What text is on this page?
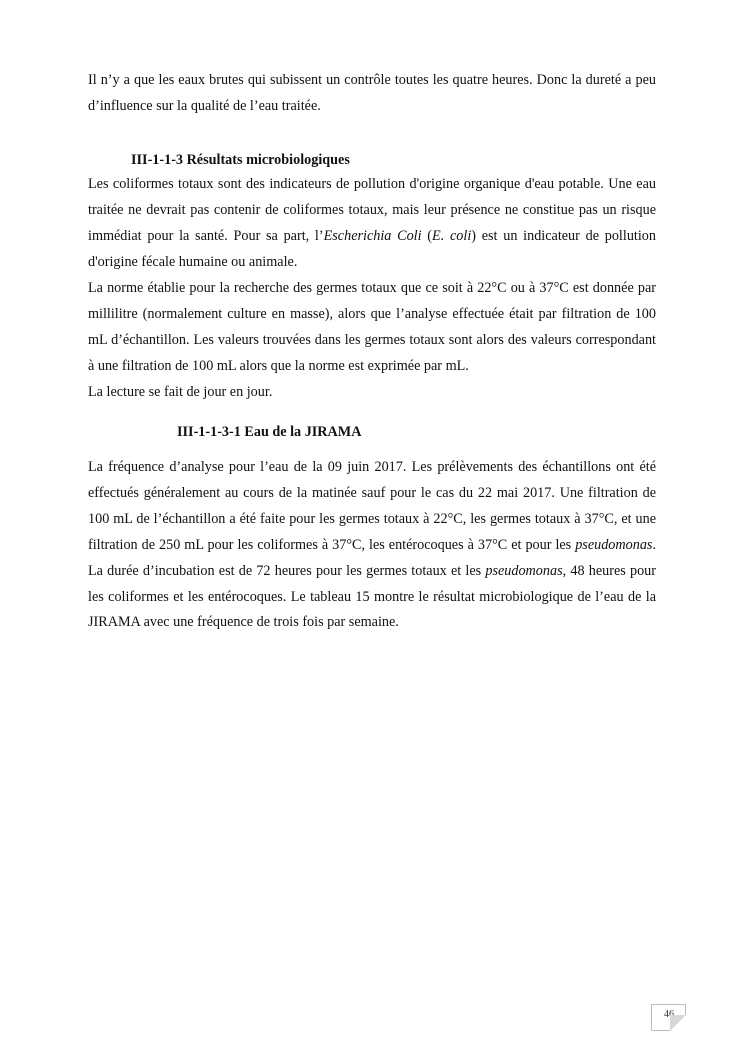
Il n’y a que les eaux brutes qui subissent un contrôle toutes les quatre heures. Donc la dureté a peu d’influence sur la qualité de l’eau traitée.

III-1-1-3 Résultats microbiologiques

Les coliformes totaux sont des indicateurs de pollution d'origine organique d'eau potable. Une eau traitée ne devrait pas contenir de coliformes totaux, mais leur présence ne constitue pas un risque immédiat pour la santé. Pour sa part, l’Escherichia Coli (E. coli) est un indicateur de pollution d'origine fécale humaine ou animale.

La norme établie pour la recherche des germes totaux que ce soit à 22°C ou à 37°C est donnée par millilitre (normalement culture en masse), alors que l’analyse effectuée était par filtration de 100 mL d’échantillon. Les valeurs trouvées dans les germes totaux sont alors des valeurs correspondant à une filtration de 100 mL alors que la norme est exprimée par mL.

La lecture se fait de jour en jour.

III-1-1-3-1 Eau de la JIRAMA

La fréquence d’analyse pour l’eau de la 09 juin 2017. Les prélèvements des échantillons ont été effectués généralement au cours de la matinée sauf pour le cas du 22 mai 2017. Une filtration de 100 mL de l’échantillon a été faite pour les germes totaux à 22°C, les germes totaux à 37°C, et une filtration de 250 mL pour les coliformes à 37°C, les entérocoques à 37°C et pour les pseudomonas. La durée d’incubation est de 72 heures pour les germes totaux et les pseudomonas, 48 heures pour les coliformes et les entérocoques. Le tableau 15 montre le résultat microbiologique de l’eau de la JIRAMA avec une fréquence de trois fois par semaine.

46
